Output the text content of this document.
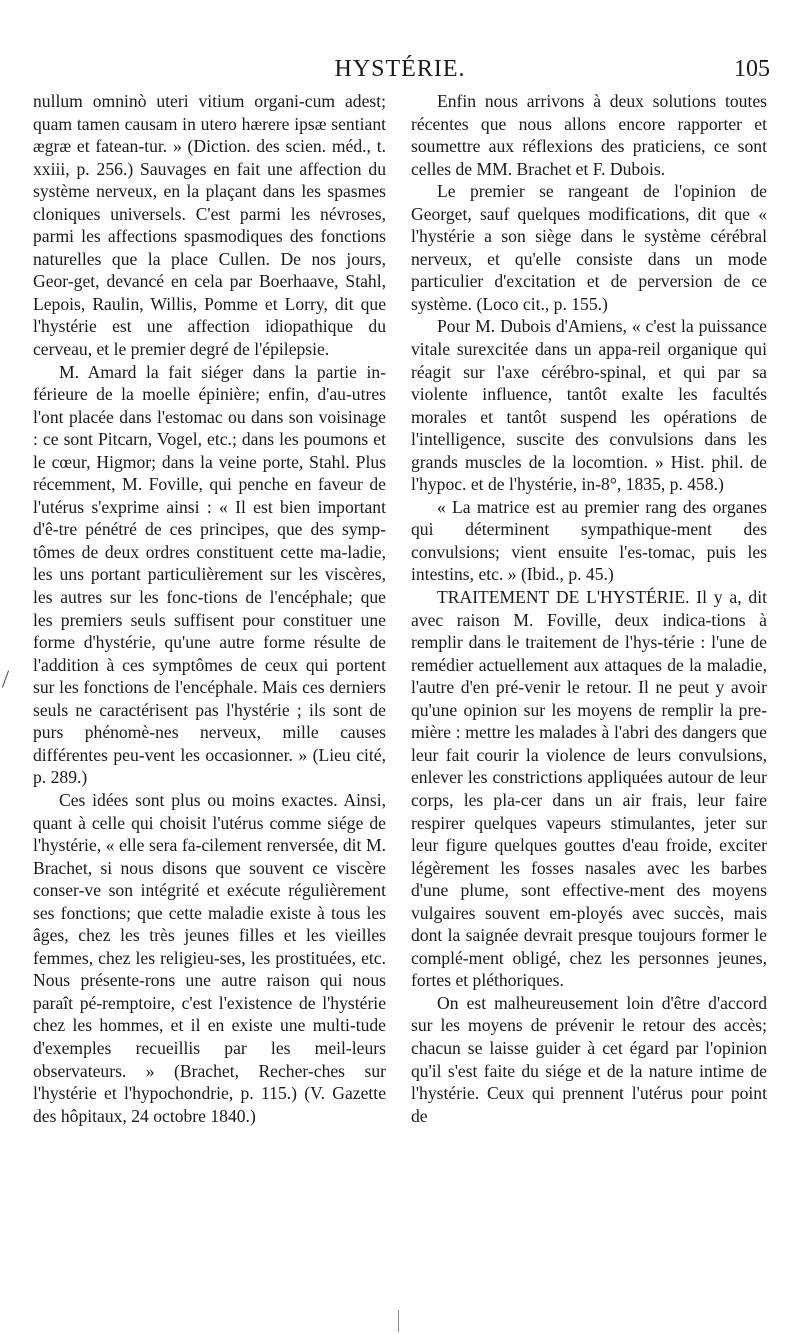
HYSTÉRIE.	105

nullum omninò uteri vitium organi-cum adest; quam tamen causam in utero hærere ipsæ sentiant ægræ et fatean-tur. » (Diction. des scien. méd., t. xxiii, p. 256.) Sauvages en fait une affection du système nerveux, en la plaçant dans les spasmes cloniques universels. C'est parmi les névroses, parmi les affections spasmodiques des fonctions naturelles que la place Cullen. De nos jours, Geor-get, devancé en cela par Boerhaave, Stahl, Lepois, Raulin, Willis, Pomme et Lorry, dit que l'hystérie est une affection idiopathique du cerveau, et le premier degré de l'épilepsie.

M. Amard la fait siéger dans la partie in-férieure de la moelle épinière; enfin, d'au-utres l'ont placée dans l'estomac ou dans son voisinage : ce sont Pitcarn, Vogel, etc.; dans les poumons et le cœur, Higmor; dans la veine porte, Stahl. Plus récemment, M. Foville, qui penche en faveur de l'utérus s'exprime ainsi : « Il est bien important d'ê-tre pénétré de ces principes, que des symp-tômes de deux ordres constituent cette ma-ladie, les uns portant particulièrement sur les viscères, les autres sur les fonc-tions de l'encéphale; que les premiers seuls suffisent pour constituer une forme d'hystérie, qu'une autre forme résulte de l'addition à ces symptômes de ceux qui portent sur les fonctions de l'encéphale. Mais ces derniers seuls ne caractérisent pas l'hystérie ; ils sont de purs phénomè-nes nerveux, mille causes différentes peu-vent les occasionner. » (Lieu cité, p. 289.)

Ces idées sont plus ou moins exactes. Ainsi, quant à celle qui choisit l'utérus comme siége de l'hystérie, « elle sera fa-cilement renversée, dit M. Brachet, si nous disons que souvent ce viscère conser-ve son intégrité et exécute régulièrement ses fonctions; que cette maladie existe à tous les âges, chez les très jeunes filles et les vieilles femmes, chez les religieu-ses, les prostituées, etc. Nous présente-rons une autre raison qui nous paraît pé-remptoire, c'est l'existence de l'hystérie chez les hommes, et il en existe une multi-tude d'exemples recueillis par les meil-leurs observateurs. » (Brachet, Recher-ches sur l'hystérie et l'hypochondrie, p. 115.) (V. Gazette des hôpitaux, 24 octobre 1840.)

Enfin nous arrivons à deux solutions toutes récentes que nous allons encore rapporter et soumettre aux réflexions des praticiens, ce sont celles de MM. Brachet et F. Dubois.

Le premier se rangeant de l'opinion de Georget, sauf quelques modifications, dit que « l'hystérie a son siège dans le système cérébral nerveux, et qu'elle consiste dans un mode particulier d'excitation et de perversion de ce système. (Loco cit., p. 155.)

Pour M. Dubois d'Amiens, « c'est la puissance vitale surexcitée dans un appa-reil organique qui réagit sur l'axe cérébro-spinal, et qui par sa violente influence, tantôt exalte les facultés morales et tantôt suspend les opérations de l'intelligence, suscite des convulsions dans les grands muscles de la locomtion. » Hist. phil. de l'hypoc. et de l'hystérie, in-8°, 1835, p. 458.)

« La matrice est au premier rang des organes qui déterminent sympathique-ment des convulsions; vient ensuite l'es-tomac, puis les intestins, etc. » (Ibid., p. 45.)

TRAITEMENT DE L'HYSTÉRIE. Il y a, dit avec raison M. Foville, deux indica-tions à remplir dans le traitement de l'hys-térie : l'une de remédier actuellement aux attaques de la maladie, l'autre d'en pré-venir le retour. Il ne peut y avoir qu'une opinion sur les moyens de remplir la pre-mière : mettre les malades à l'abri des dangers que leur fait courir la violence de leurs convulsions, enlever les constrictions appliquées autour de leur corps, les pla-cer dans un air frais, leur faire respirer quelques vapeurs stimulantes, jeter sur leur figure quelques gouttes d'eau froide, exciter légèrement les fosses nasales avec les barbes d'une plume, sont effective-ment des moyens vulgaires souvent em-ployés avec succès, mais dont la saignée devrait presque toujours former le complé-ment obligé, chez les personnes jeunes, fortes et pléthoriques.

On est malheureusement loin d'être d'accord sur les moyens de prévenir le retour des accès; chacun se laisse guider à cet égard par l'opinion qu'il s'est faite du siége et de la nature intime de l'hystérie. Ceux qui prennent l'utérus pour point de
